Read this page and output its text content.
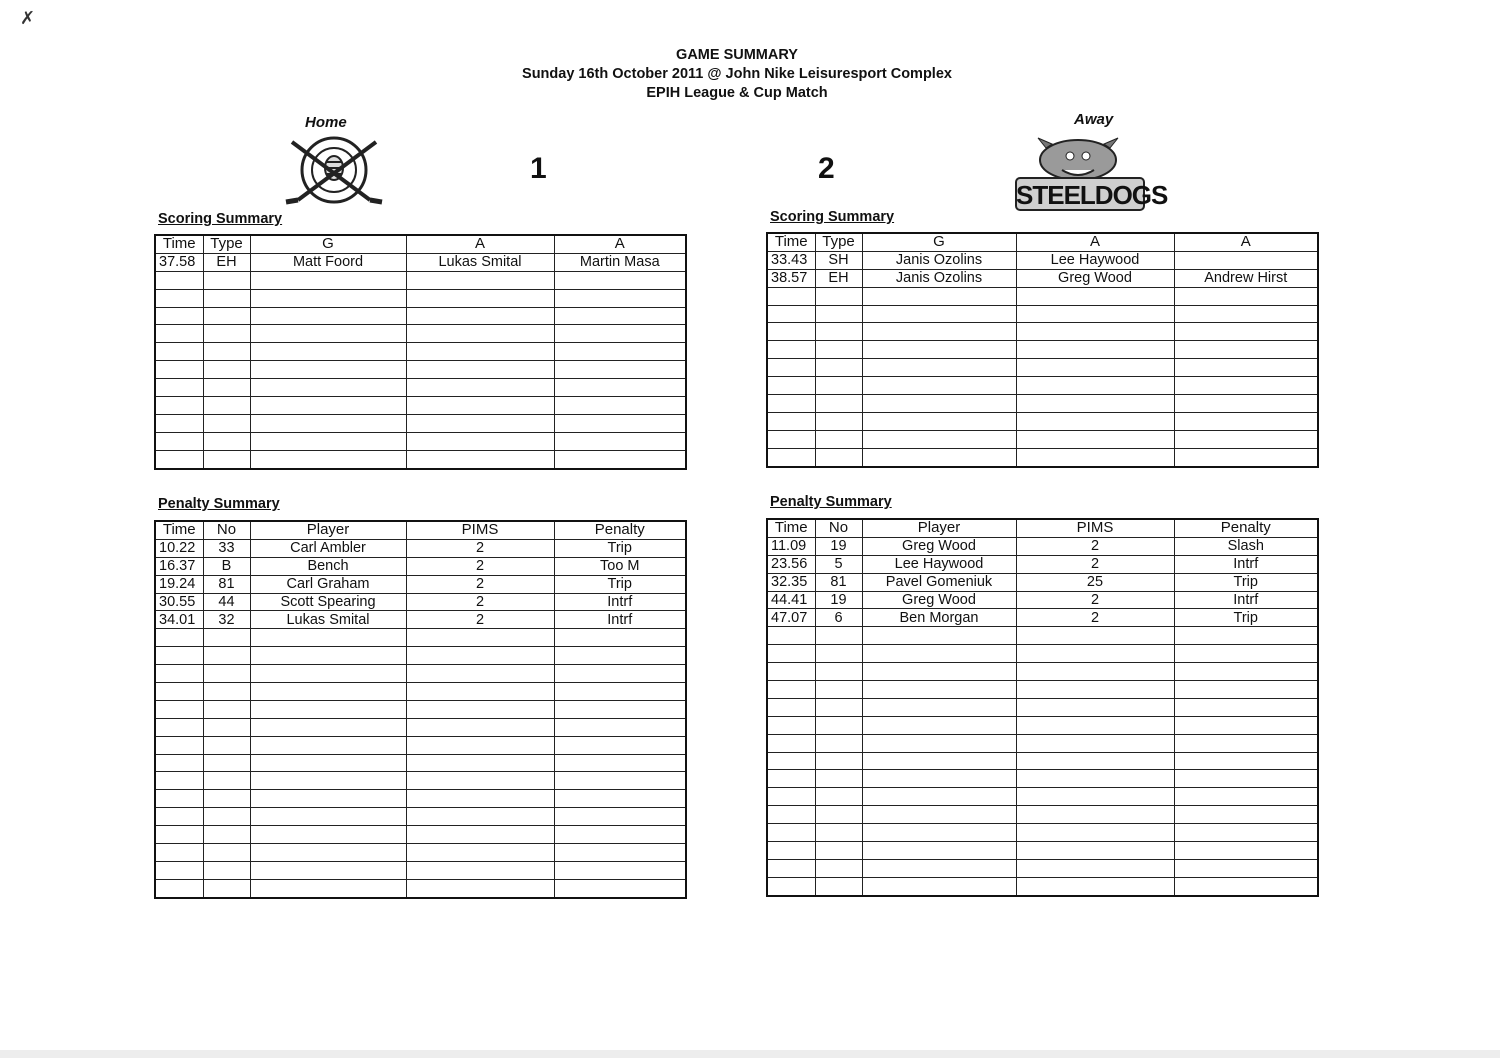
✗
GAME SUMMARY
Sunday 16th October 2011 @ John Nike Leisuresport Complex
EPIH League & Cup Match
Home
1
Away
STEELDOGS
2
Scoring Summary	Scoring Summary
Penalty Summary	Penalty Summary
Time	Type	G	A	A
37.58	EH	Matt Foord	Lukas Smital	Martin Masa

Time	Type	G	A	A
33.43	SH	Janis Ozolins	Lee Haywood	
38.57	EH	Janis Ozolins	Greg Wood	Andrew Hirst

Time	No	Player	PIMS	Penalty
10.22	33	Carl Ambler	2	Trip
16.37	B	Bench	2	Too M
19.24	81	Carl Graham	2	Trip
30.55	44	Scott Spearing	2	Intrf
34.01	32	Lukas Smital	2	Intrf

Time	No	Player	PIMS	Penalty
11.09	19	Greg Wood	2	Slash
23.56	5	Lee Haywood	2	Intrf
32.35	81	Pavel Gomeniuk	25	Trip
44.41	19	Greg Wood	2	Intrf
47.07	6	Ben Morgan	2	Trip
